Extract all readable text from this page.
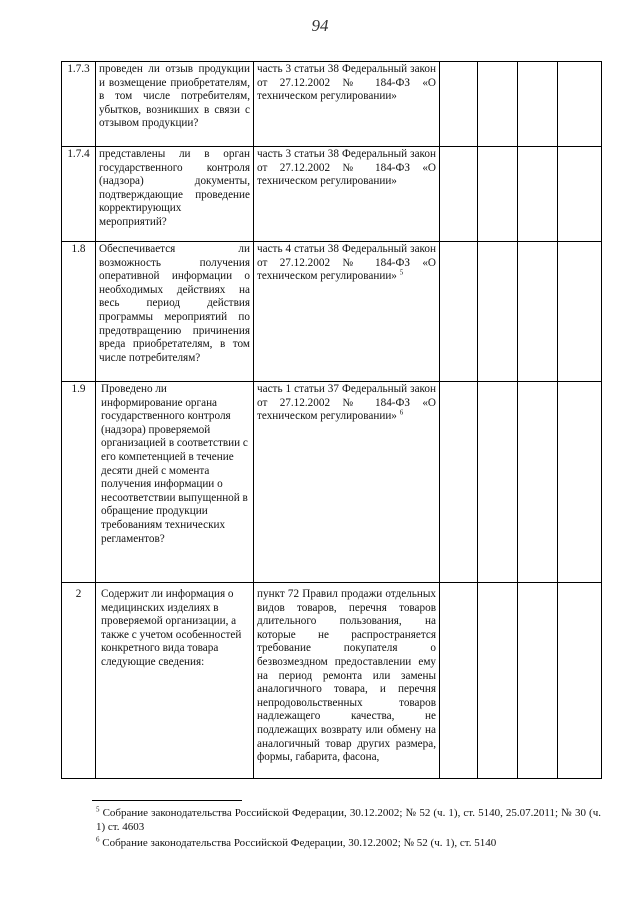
94
1.7.3	проведен ли отзыв продукции и возмещение приобретателям, в том числе потребителям, убытков, возникших в связи с отзывом продукции?	часть 3 статьи 38 Федеральный закон от 27.12.2002 № 184-ФЗ «О техническом регулировании»				
1.7.4	представлены ли в орган государственного контроля (надзора) документы, подтверждающие проведение корректирующих мероприятий?	часть 3 статьи 38 Федеральный закон от 27.12.2002 № 184-ФЗ «О техническом регулировании»				
1.8	Обеспечивается ли возможность получения оперативной информации о необходимых действиях на весь период действия программы мероприятий по предотвращению причинения вреда приобретателям, в том числе потребителям?	часть 4 статьи 38 Федеральный закон от 27.12.2002 № 184-ФЗ «О техническом регулировании» $^5$				
1.9	Проведено ли информирование органа государственного контроля (надзора) проверяемой организацией в соответствии с его компетенцией в течение десяти дней с момента получения информации о несоответствии выпущенной в обращение продукции требованиям технических регламентов?	часть 1 статьи 37 Федеральный закон от 27.12.2002 № 184-ФЗ «О техническом регулировании» $^6$				
2	Содержит ли информация о медицинских изделиях в проверяемой организации, а также с учетом особенностей конкретного вида товара следующие сведения:	пункт 72 Правил продажи отдельных видов товаров, перечня товаров длительного пользования, на которые не распространяется требование покупателя о безвозмездном предоставлении ему на период ремонта или замены аналогичного товара, и перечня непродовольственных товаров надлежащего качества, не подлежащих возврату или обмену на аналогичный товар других размера, формы, габарита, фасона,				

$^5$ Собрание законодательства Российской Федерации, 30.12.2002; № 52 (ч. 1), ст. 5140, 25.07.2011; № 30 (ч. 1) ст. 4603

$^6$ Собрание законодательства Российской Федерации, 30.12.2002; № 52 (ч. 1), ст. 5140
